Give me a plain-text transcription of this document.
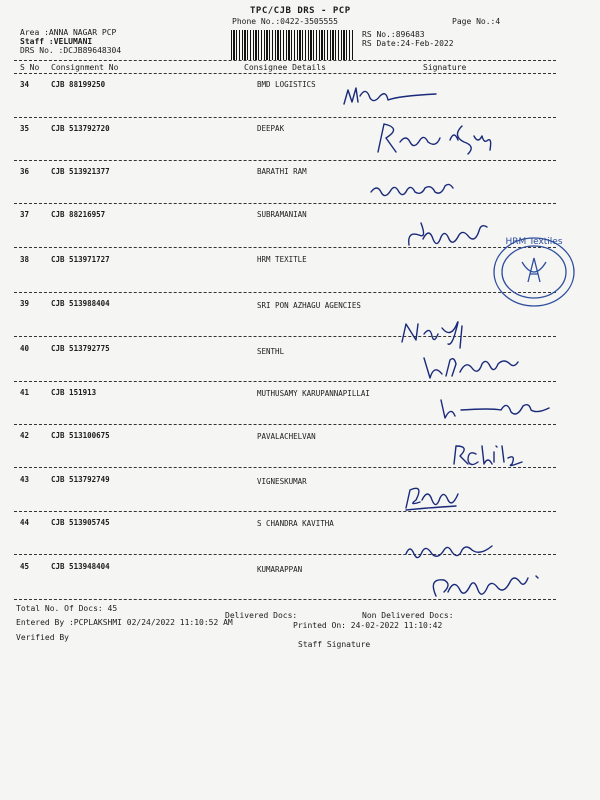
TPC/CJB DRS - PCP
Phone No.:0422-3505555	Page No.:4
Area :ANNA NAGAR PCP
Staff :VELUMANI
DRS No. :DCJB89648304
RS No.:896483
RS Date:24-Feb-2022
S No Consignment No	Consignee Details	Signature
34	CJB 88199250	BMD LOGISTICS
35	CJB 513792720	DEEPAK
36	CJB 513921377	BARATHI RAM
37	CJB 88216957	SUBRAMANIAN
38	CJB 513971727	HRM TEXITLE
39	CJB 513988404	SRI PON AZHAGU AGENCIES
40	CJB 513792775	SENTHL
41	CJB 151913	MUTHUSAMY KARUPANNAPILLAI
42	CJB 513100675	PAVALACHELVAN
43	CJB 513792749	VIGNESKUMAR
44	CJB 513905745	S CHANDRA KAVITHA
45	CJB 513948404	KUMARAPPAN
HRM Textiles
Total No. Of Docs: 45
Delivered Docs:	Non Delivered Docs:
Entered By :PCPLAKSHMI 02/24/2022 11:10:52 AM	Printed On: 24-02-2022 11:10:42
Verified By
Staff Signature
